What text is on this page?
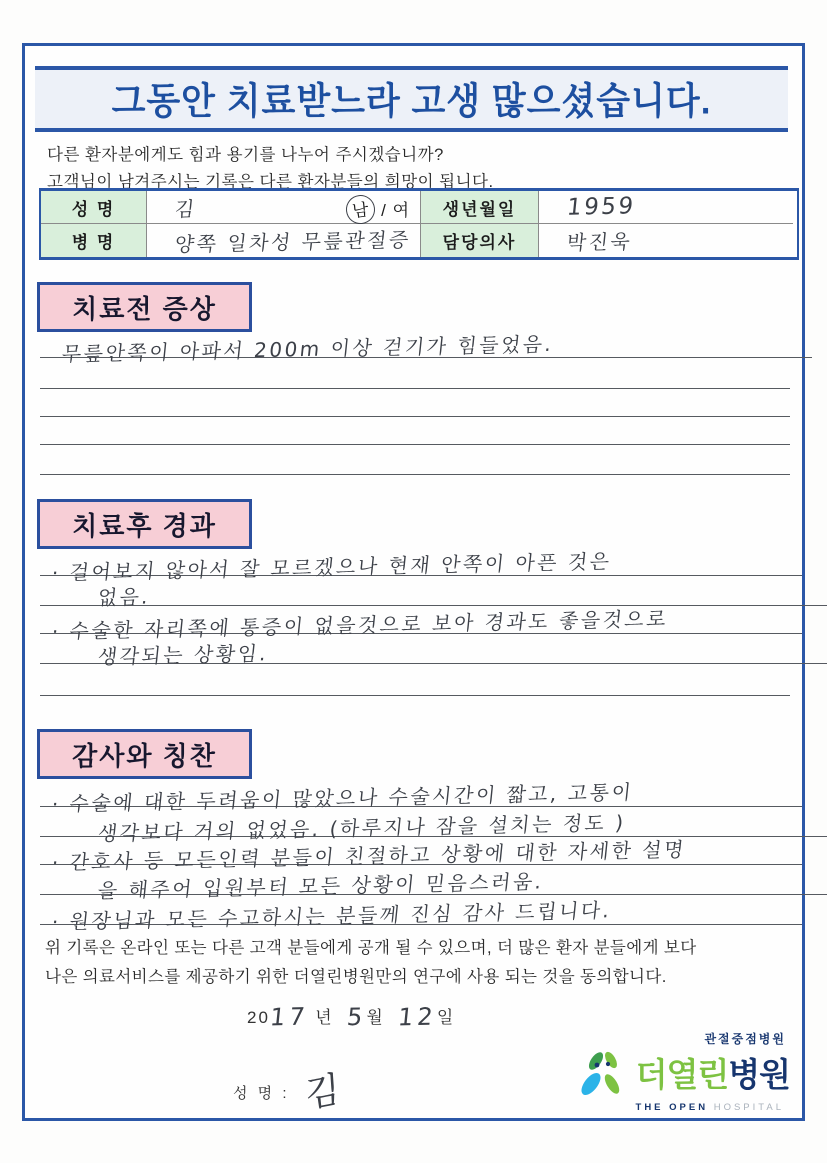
그동안 치료받느라 고생 많으셨습니다.
다른 환자분에게도 힘과 용기를 나누어 주시겠습니까?
고객님이 남겨주시는 기록은 다른 환자분들의 희망이 됩니다.
성 명	김	남 / 여	생년월일	1959
병 명	양쪽 일차성 무릎관절증	담당의사	박진욱
치료전 증상
무릎안쪽이 아파서 200m 이상 걷기가 힘들었음.
치료후 경과
· 걸어보지 않아서 잘 모르겠으나 현재 안쪽이 아픈 것은
없음.
· 수술한 자리쪽에 통증이 없을것으로 보아 경과도 좋을것으로
생각되는 상황임.
감사와 칭찬
· 수술에 대한 두려움이 많았으나 수술시간이 짧고, 고통이
생각보다 거의 없었음. (하루지나 잠을 설치는 정도 )
· 간호사 등 모든인력 분들이 친절하고 상황에 대한 자세한 설명
을 해주어 입원부터 모든 상황이 믿음스러움.
· 원장님과 모든 수고하시는 분들께 진심 감사 드립니다.
위 기록은 온라인 또는 다른 고객 분들에게 공개 될 수 있으며, 더 많은 환자 분들에게 보다
나은 의료서비스를 제공하기 위한 더열린병원만의 연구에 사용 되는 것을 동의합니다.
2017 년 5월 12일
성 명 : 김
관절중점병원
더열린병원
THE OPEN HOSPITAL
